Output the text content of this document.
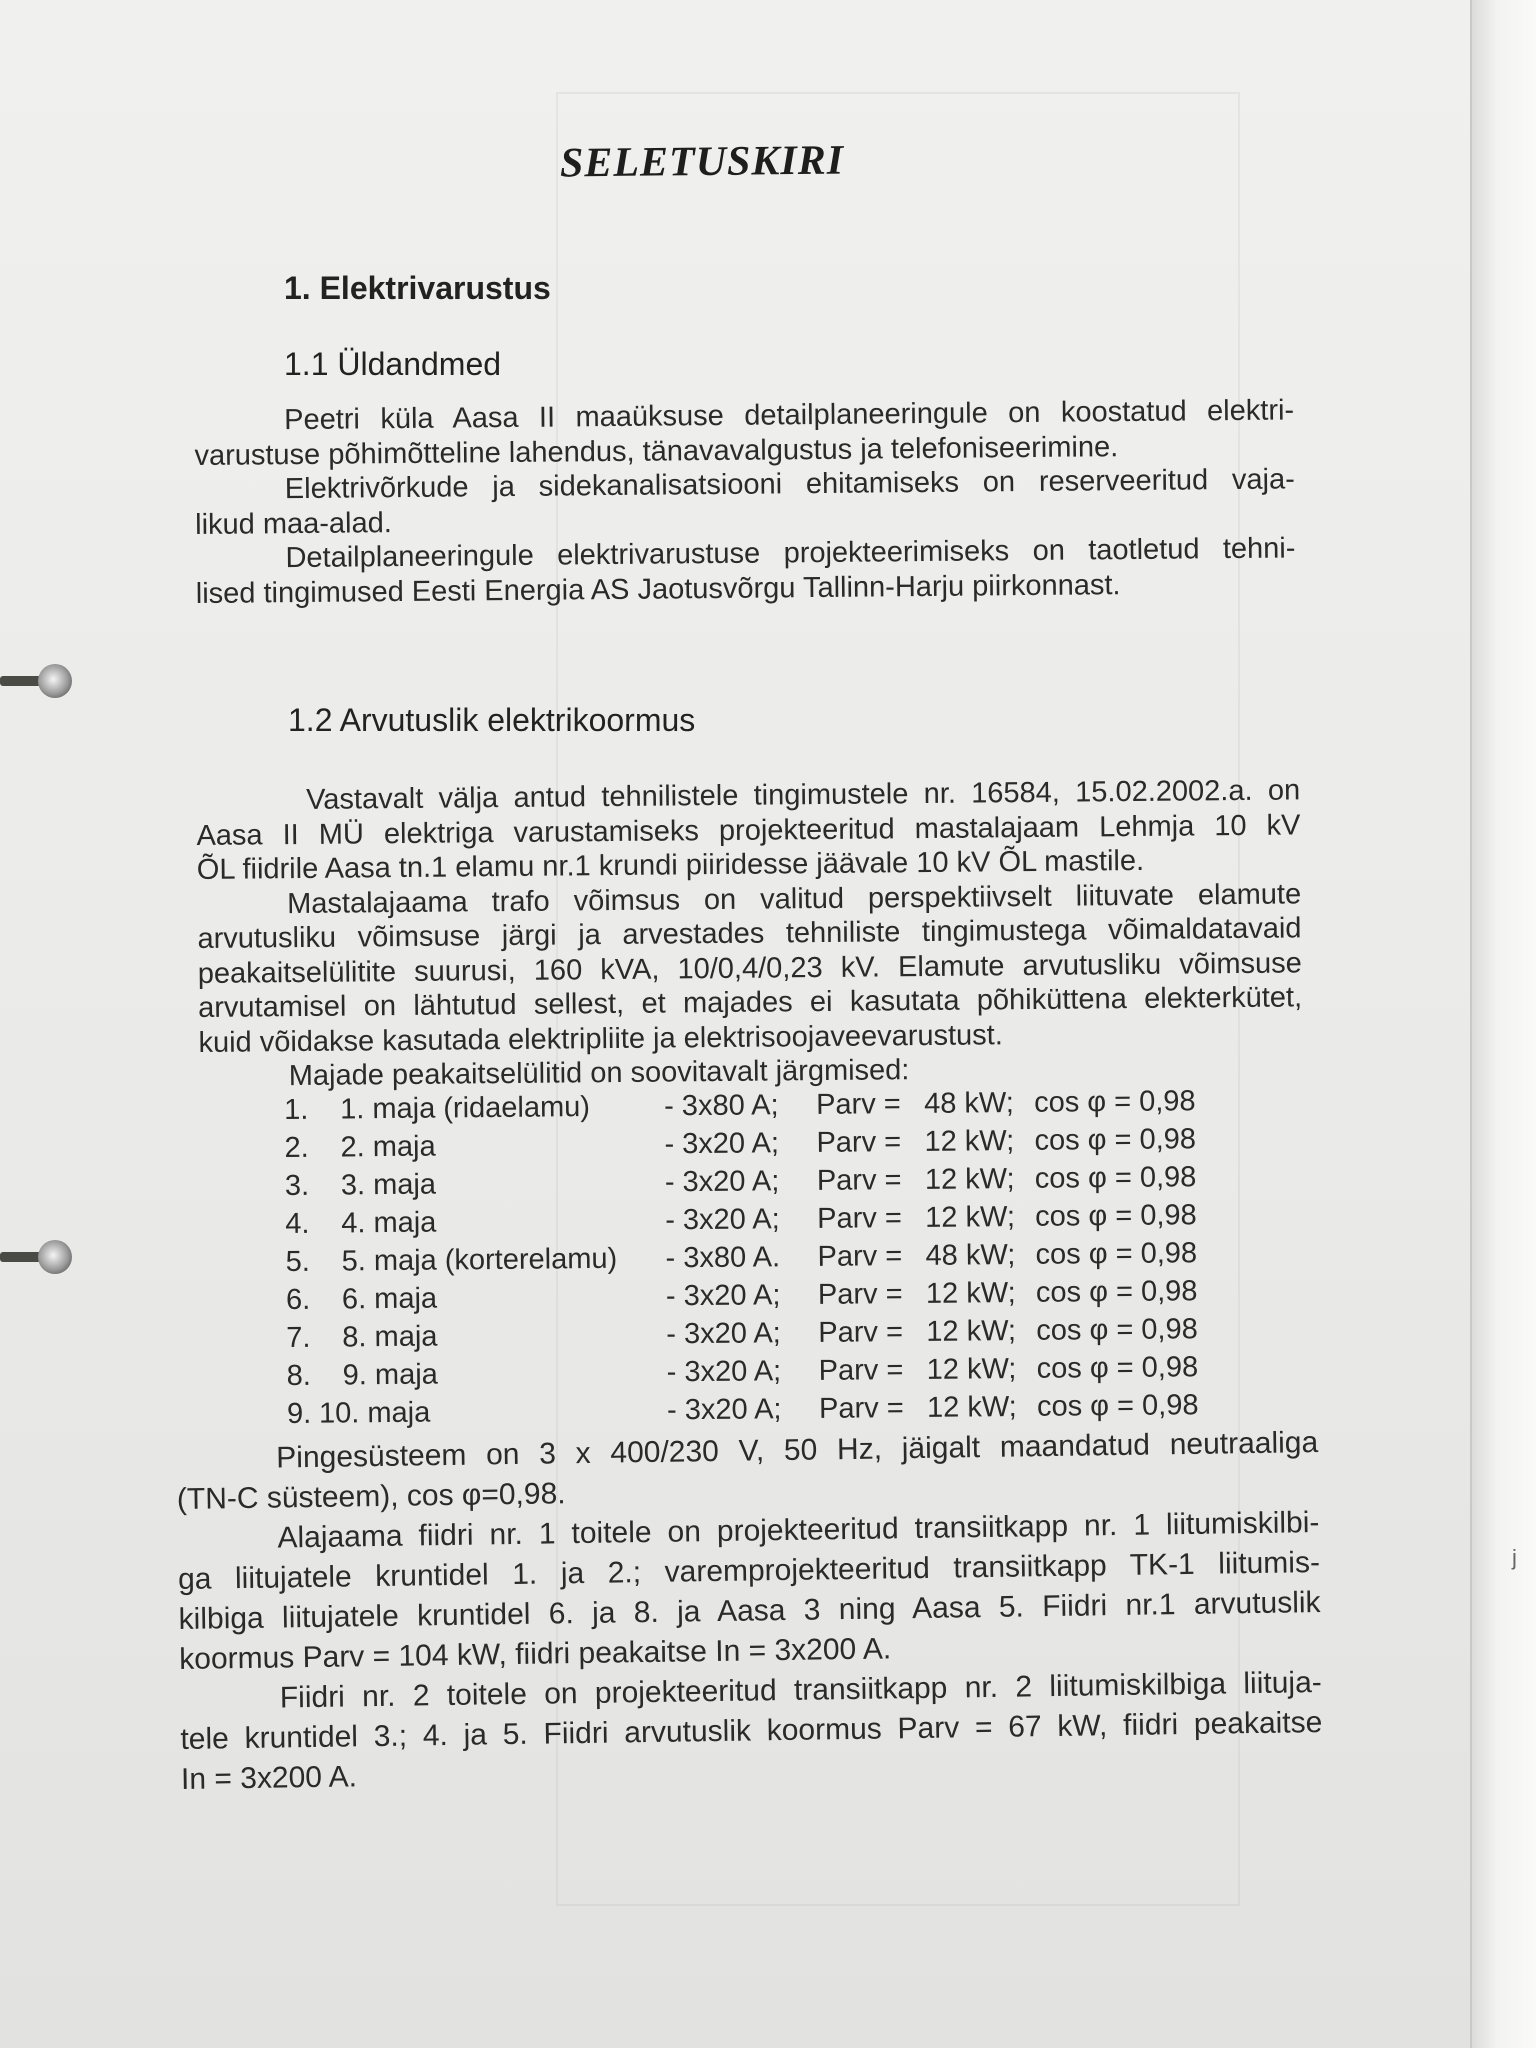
SELETUSKIRI
1. Elektrivarustus
1.1 Üldandmed
Peetri küla Aasa II maaüksuse detailplaneeringule on koostatud elektri-
varustuse põhimõtteline lahendus, tänavavalgustus ja telefoniseerimine.
Elektrivõrkude ja sidekanalisatsiooni ehitamiseks on reserveeritud vaja-
likud maa-alad.
Detailplaneeringule elektrivarustuse projekteerimiseks on taotletud tehni-
lised tingimused Eesti Energia AS Jaotusvõrgu Tallinn-Harju piirkonnast.
1.2 Arvutuslik elektrikoormus
Vastavalt välja antud tehnilistele tingimustele nr. 16584, 15.02.2002.a. on
Aasa II MÜ elektriga varustamiseks projekteeritud mastalajaam Lehmja 10 kV
ÕL fiidrile Aasa tn.1 elamu nr.1 krundi piiridesse jäävale 10 kV ÕL mastile.
Mastalajaama trafo võimsus on valitud perspektiivselt liituvate elamute
arvutusliku võimsuse järgi ja arvestades tehniliste tingimustega võimaldatavaid
peakaitselülitite suurusi, 160 kVA, 10/0,4/0,23 kV. Elamute arvutusliku võimsuse
arvutamisel on lähtutud sellest, et majades ei kasutata põhiküttena elekterkütet,
kuid võidakse kasutada elektripliite ja elektrisoojaveevarustust.
Majade peakaitselülitid on soovitavalt järgmised:
1. 1. maja (ridaelamu)	- 3x80 A; Parv = 48 kW; cos φ = 0,98
2. 2. maja	- 3x20 A; Parv = 12 kW; cos φ = 0,98
3. 3. maja	- 3x20 A; Parv = 12 kW; cos φ = 0,98
4. 4. maja	- 3x20 A; Parv = 12 kW; cos φ = 0,98
5. 5. maja (korterelamu) - 3x80 A. Parv = 48 kW; cos φ = 0,98
6. 6. maja	- 3x20 A; Parv = 12 kW; cos φ = 0,98
7. 8. maja	- 3x20 A; Parv = 12 kW; cos φ = 0,98
8. 9. maja	- 3x20 A; Parv = 12 kW; cos φ = 0,98
9. 10. maja	- 3x20 A; Parv = 12 kW; cos φ = 0,98
Pingesüsteem on 3 x 400/230 V, 50 Hz, jäigalt maandatud neutraaliga
(TN-C süsteem), cos φ=0,98.
Alajaama fiidri nr. 1 toitele on projekteeritud transiitkapp nr. 1 liitumiskilbi-
ga liitujatele kruntidel 1. ja 2.; varemprojekteeritud transiitkapp TK-1 liitumis-
kilbiga liitujatele kruntidel 6. ja 8. ja Aasa 3 ning Aasa 5. Fiidri nr.1 arvutuslik
koormus Parv = 104 kW, fiidri peakaitse In = 3x200 A.
Fiidri nr. 2 toitele on projekteeritud transiitkapp nr. 2 liitumiskilbiga liituja-
tele kruntidel 3.; 4. ja 5. Fiidri arvutuslik koormus Parv = 67 kW, fiidri peakaitse
In = 3x200 A.
j
